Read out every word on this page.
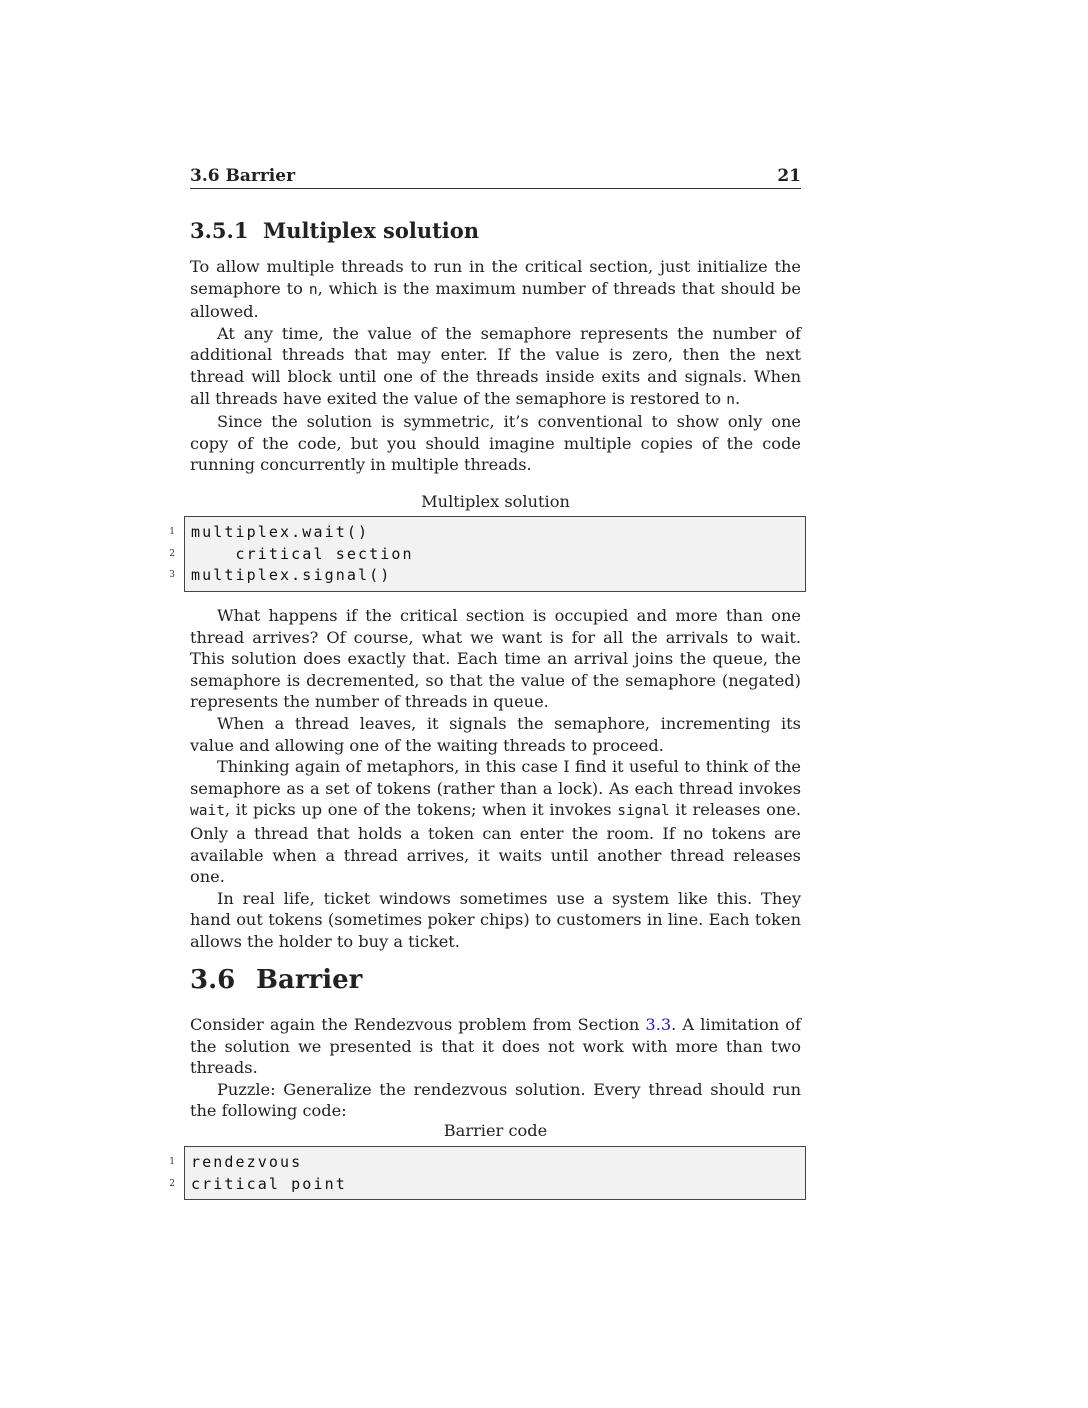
3.6 Barrier	21
3.5.1 Multiplex solution

To allow multiple threads to run in the critical section, just initialize the semaphore to n, which is the maximum number of threads that should be allowed.

At any time, the value of the semaphore represents the number of additional threads that may enter. If the value is zero, then the next thread will block until one of the threads inside exits and signals. When all threads have exited the value of the semaphore is restored to n.

Since the solution is symmetric, it’s conventional to show only one copy of the code, but you should imagine multiple copies of the code running concurrently in multiple threads.

Multiplex solution
1 multiplex.wait()
2 critical section
3 multiplex.signal()

What happens if the critical section is occupied and more than one thread arrives? Of course, what we want is for all the arrivals to wait. This solution does exactly that. Each time an arrival joins the queue, the semaphore is decremented, so that the value of the semaphore (negated) represents the number of threads in queue.

When a thread leaves, it signals the semaphore, incrementing its value and allowing one of the waiting threads to proceed.

Thinking again of metaphors, in this case I find it useful to think of the semaphore as a set of tokens (rather than a lock). As each thread invokes wait, it picks up one of the tokens; when it invokes signal it releases one. Only a thread that holds a token can enter the room. If no tokens are available when a thread arrives, it waits until another thread releases one.

In real life, ticket windows sometimes use a system like this. They hand out tokens (sometimes poker chips) to customers in line. Each token allows the holder to buy a ticket.

3.6 Barrier

Consider again the Rendezvous problem from Section 3.3. A limitation of the solution we presented is that it does not work with more than two threads.

Puzzle: Generalize the rendezvous solution. Every thread should run the following code:

Barrier code
1 rendezvous
2 critical point
